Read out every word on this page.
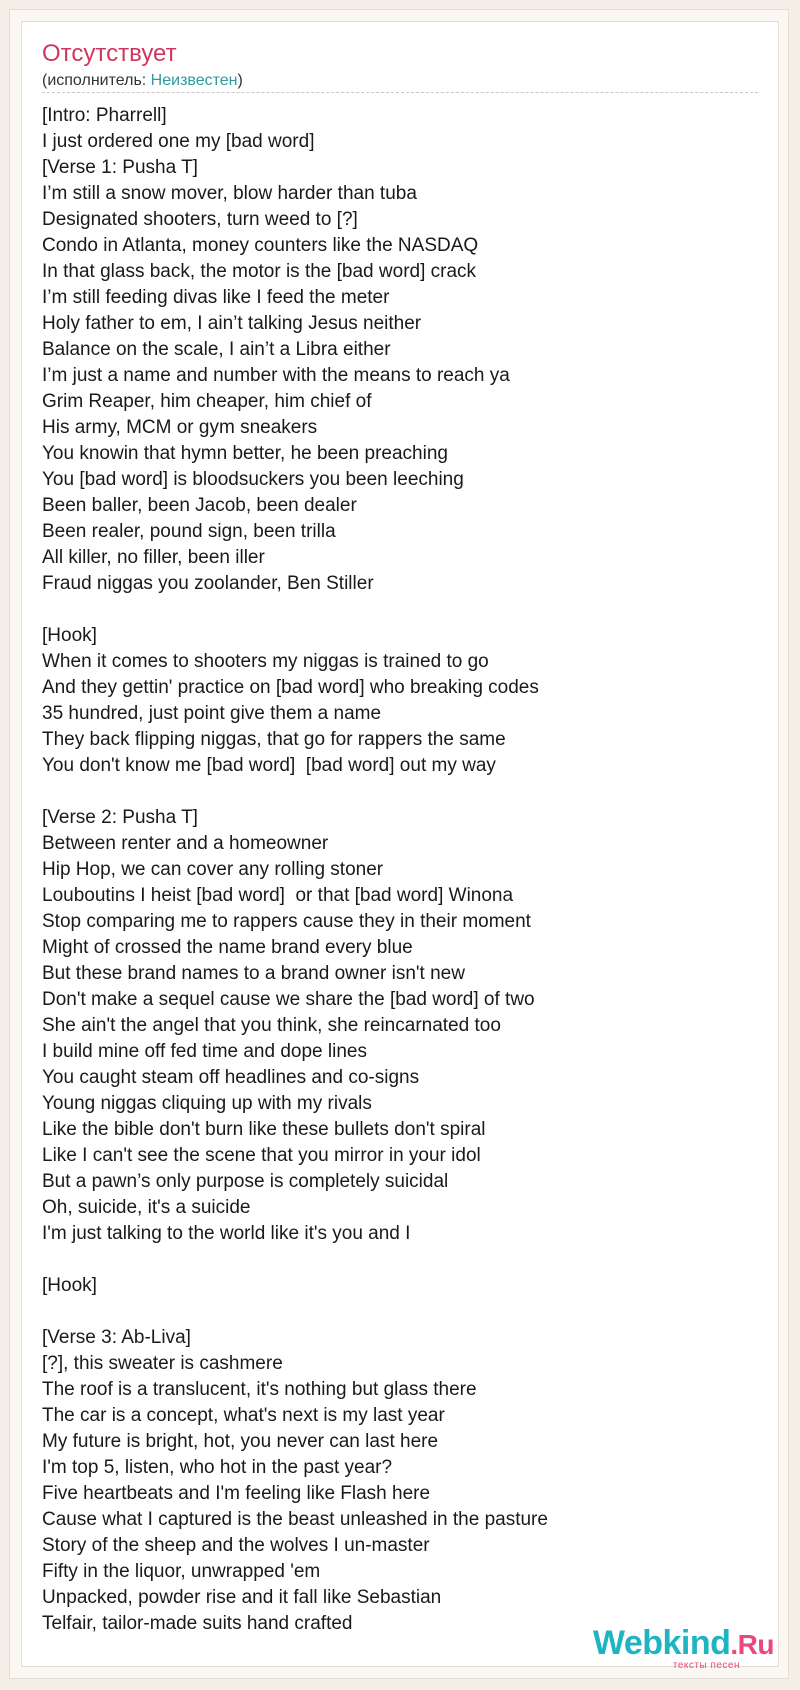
Отсутствует
(исполнитель: Неизвестен)
[Intro: Pharrell]
I just ordered one my [bad word]
[Verse 1: Pusha T]
I’m still a snow mover, blow harder than tuba
Designated shooters, turn weed to [?]
Condo in Atlanta, money counters like the NASDAQ
In that glass back, the motor is the [bad word] crack
I’m still feeding divas like I feed the meter
Holy father to em, I ain’t talking Jesus neither
Balance on the scale, I ain’t a Libra either
I’m just a name and number with the means to reach ya
Grim Reaper, him cheaper, him chief of
His army, MCM or gym sneakers
You knowin that hymn better, he been preaching
You [bad word] is bloodsuckers you been leeching
Been baller, been Jacob, been dealer
Been realer, pound sign, been trilla
All killer, no filler, been iller
Fraud niggas you zoolander, Ben Stiller
[Hook]
When it comes to shooters my niggas is trained to go
And they gettin' practice on [bad word] who breaking codes
35 hundred, just point give them a name
They back flipping niggas, that go for rappers the same
You don't know me [bad word]  [bad word] out my way
[Verse 2: Pusha T]
Between renter and a homeowner
Hip Hop, we can cover any rolling stoner
Louboutins I heist [bad word]  or that [bad word] Winona
Stop comparing me to rappers cause they in their moment
Might of crossed the name brand every blue
But these brand names to a brand owner isn't new
Don't make a sequel cause we share the [bad word] of two
She ain't the angel that you think, she reincarnated too
I build mine off fed time and dope lines
You caught steam off headlines and co-signs
Young niggas cliquing up with my rivals
Like the bible don't burn like these bullets don't spiral
Like I can't see the scene that you mirror in your idol
But a pawn’s only purpose is completely suicidal
Oh, suicide, it's a suicide
I'm just talking to the world like it's you and I
[Hook]
[Verse 3: Ab-Liva]
[?], this sweater is cashmere
The roof is a translucent, it's nothing but glass there
The car is a concept, what's next is my last year
My future is bright, hot, you never can last here
I'm top 5, listen, who hot in the past year?
Five heartbeats and I'm feeling like Flash here
Cause what I captured is the beast unleashed in the pasture
Story of the sheep and the wolves I un-master
Fifty in the liquor, unwrapped 'em
Unpacked, powder rise and it fall like Sebastian
Telfair, tailor-made suits hand crafted
Webkind.Ru
тексты песен
